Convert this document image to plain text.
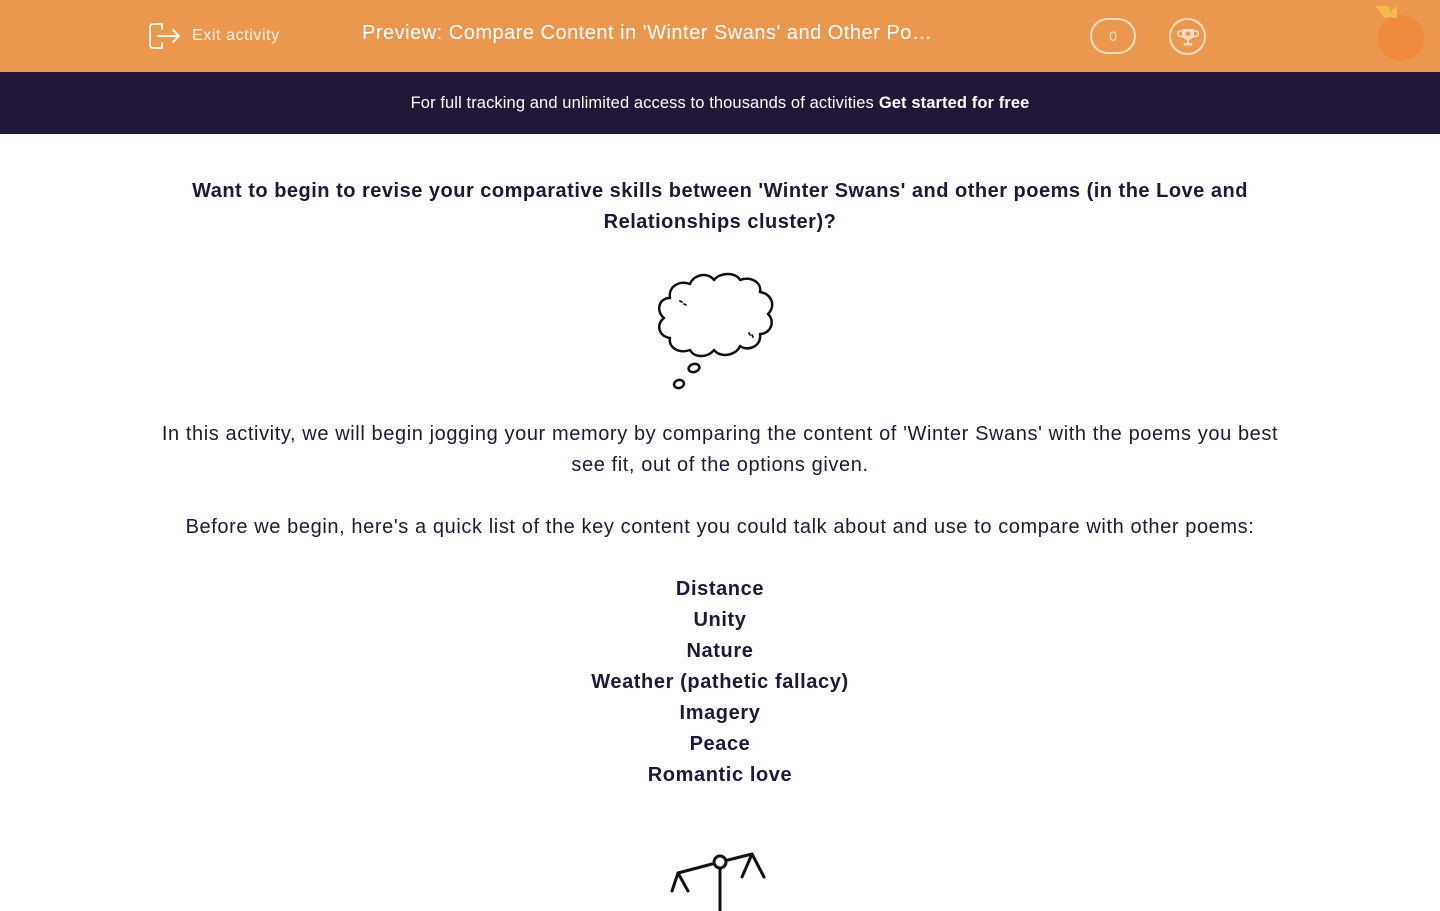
Exit activity	Preview: Compare Content in 'Winter Swans' and Other Po…	0
For full tracking and unlimited access to thousands of activities Get started for free
Want to begin to revise your comparative skills between 'Winter Swans' and other poems (in the Love and Relationships cluster)?

In this activity, we will begin jogging your memory by comparing the content of 'Winter Swans' with the poems you best see fit, out of the options given.

Before we begin, here's a quick list of the key content you could talk about and use to compare with other poems:

Distance
Unity
Nature
Weather (pathetic fallacy)
Imagery
Peace
Romantic love
